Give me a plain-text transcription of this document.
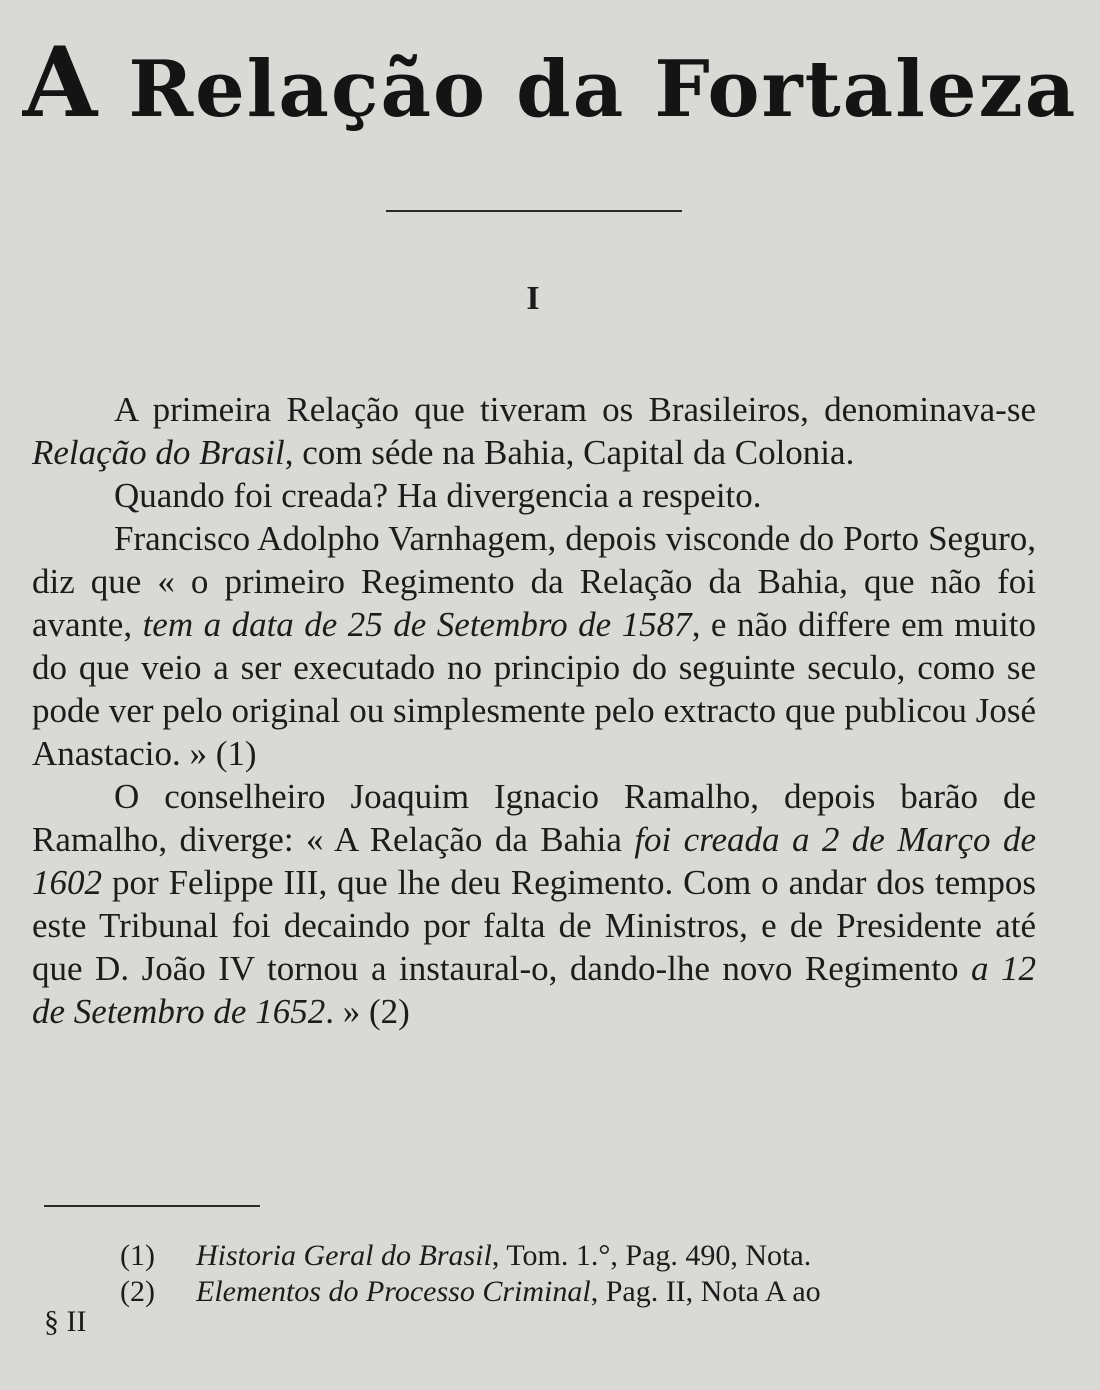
A Relação da Fortaleza
I

A primeira Relação que tiveram os Brasileiros, denominava-se Relação do Brasil, com séde na Bahia, Capital da Colonia.

Quando foi creada? Ha divergencia a respeito.

Francisco Adolpho Varnhagem, depois visconde do Porto Seguro, diz que « o primeiro Regimento da Relação da Bahia, que não foi avante, tem a data de 25 de Setembro de 1587, e não differe em muito do que veio a ser executado no principio do seguinte seculo, como se pode ver pelo original ou simplesmente pelo extracto que publicou José Anastacio. » (1)

O conselheiro Joaquim Ignacio Ramalho, depois barão de Ramalho, diverge: « A Relação da Bahia foi creada a 2 de Março de 1602 por Felippe III, que lhe deu Regimento. Com o andar dos tempos este Tribunal foi decaindo por falta de Ministros, e de Presidente até que D. João IV tornou a instaural-o, dando-lhe novo Regimento a 12 de Setembro de 1652. » (2)

(1) Historia Geral do Brasil, Tom. 1.°, Pag. 490, Nota.
(2) Elementos do Processo Criminal, Pag. II, Nota A ao
§ II
